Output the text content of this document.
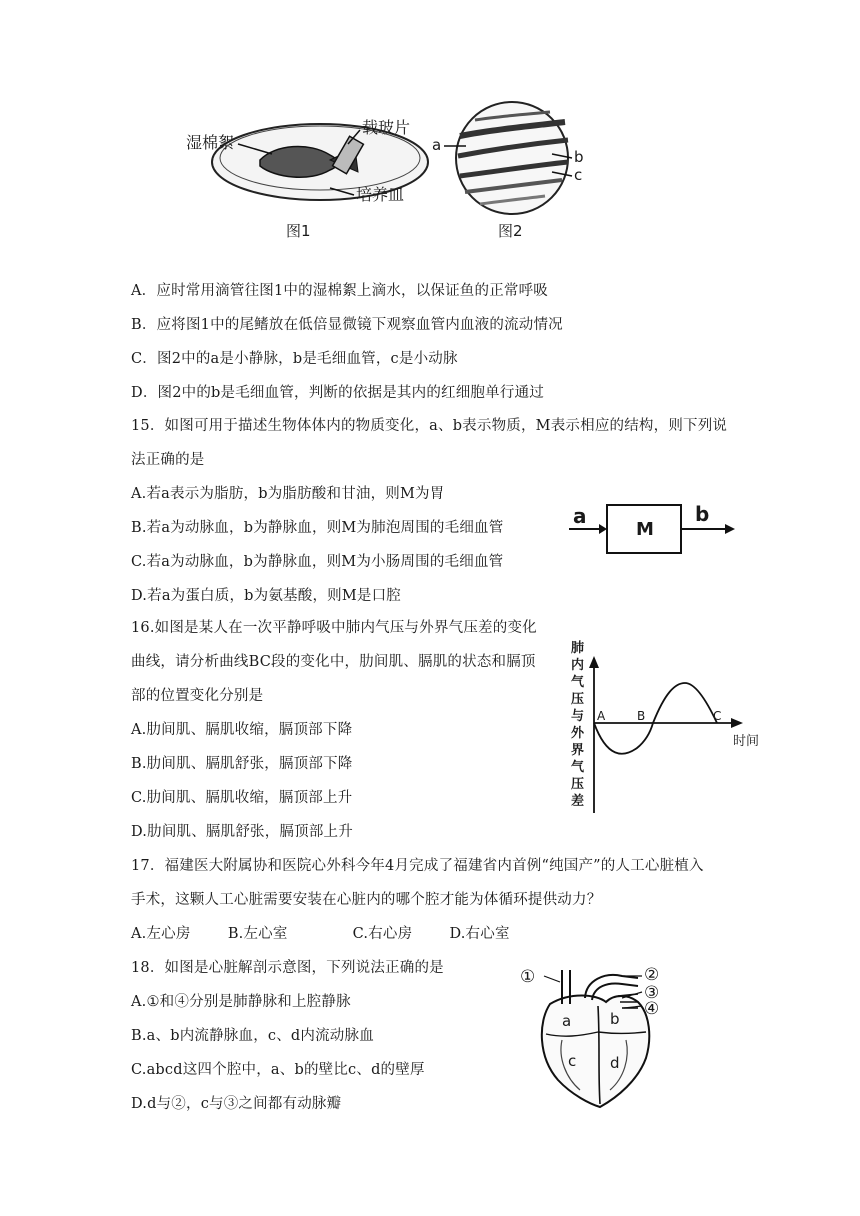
湿棉絮
载玻片
培养皿
图1
a
b
c
图2
A．应时常用滴管往图1中的湿棉絮上滴水，以保证鱼的正常呼吸
B．应将图1中的尾鳍放在低倍显微镜下观察血管内血液的流动情况
C．图2中的a是小静脉，b是毛细血管，c是小动脉
D．图2中的b是毛细血管，判断的依据是其内的红细胞单行通过
15．如图可用于描述生物体体内的物质变化，a、b表示物质，M表示相应的结构，则下列说
法正确的是
A.若a表示为脂肪，b为脂肪酸和甘油，则M为胃
B.若a为动脉血，b为静脉血，则M为肺泡周围的毛细血管
C.若a为动脉血，b为静脉血，则M为小肠周围的毛细血管
D.若a为蛋白质，b为氨基酸，则M是口腔
a
M
b
16.如图是某人在一次平静呼吸中肺内气压与外界气压差的变化
曲线，请分析曲线BC段的变化中，肋间肌、膈肌的状态和膈顶
部的位置变化分别是
A.肋间肌、膈肌收缩，膈顶部下降
B.肋间肌、膈肌舒张，膈顶部下降
C.肋间肌、膈肌收缩，膈顶部上升
D.肋间肌、膈肌舒张，膈顶部上升
肺
内
气
压
与
外
界
气
压
差
A	B	C
时间
17．福建医大附属协和医院心外科今年4月完成了福建省内首例“纯国产”的人工心脏植入
手术，这颗人工心脏需要安装在心脏内的哪个腔才能为体循环提供动力？
A.左心房	B.左心室	C.右心房	D.右心室
18．如图是心脏解剖示意图，下列说法正确的是
A.①和④分别是肺静脉和上腔静脉
B.a、b内流静脉血，c、d内流动脉血
C.abcd这四个腔中，a、b的壁比c、d的壁厚
D.d与②，c与③之间都有动脉瓣
①	②
③
④
a	b
c d
